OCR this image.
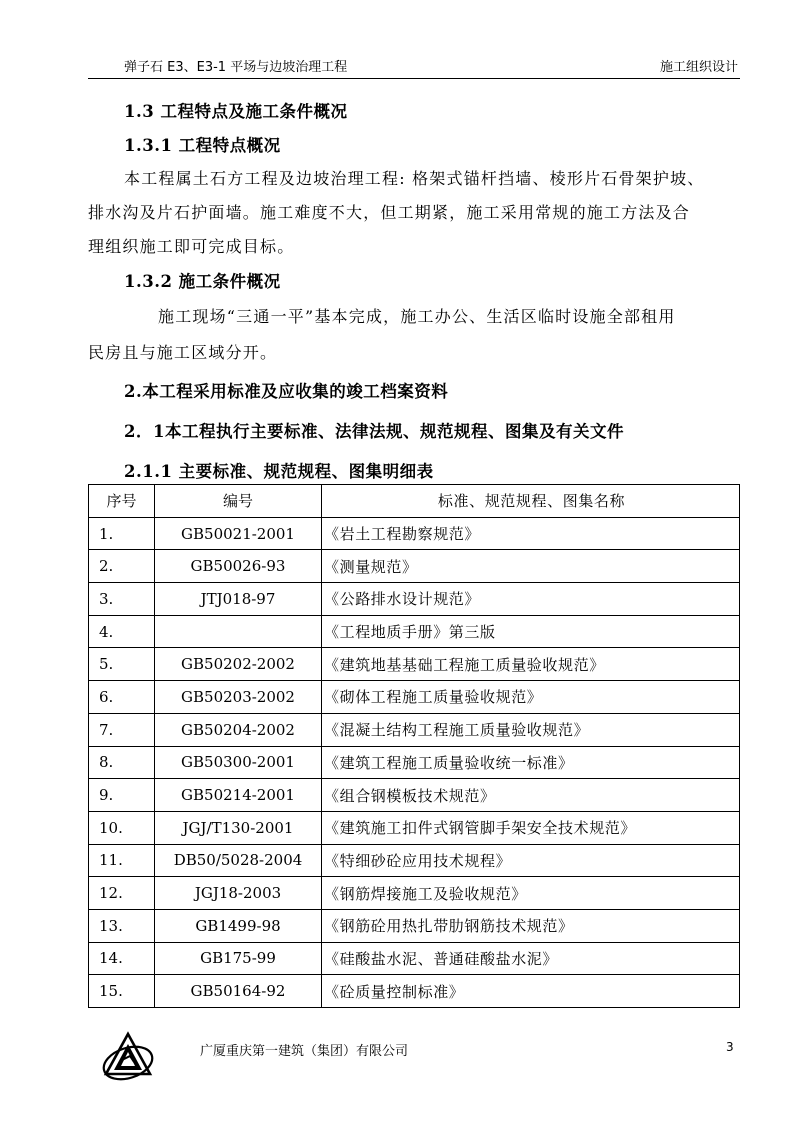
弹子石 E3、E3-1 平场与边坡治理工程	施工组织设计
1.3 工程特点及施工条件概况
1.3.1 工程特点概况
本工程属土石方工程及边坡治理工程: 格架式锚杆挡墙、棱形片石骨架护坡、
排水沟及片石护面墙。施工难度不大，但工期紧，施工采用常规的施工方法及合
理组织施工即可完成目标。
1.3.2 施工条件概况
施工现场“三通一平”基本完成，施工办公、生活区临时设施全部租用
民房且与施工区域分开。
2.本工程采用标准及应收集的竣工档案资料
2．1本工程执行主要标准、法律法规、规范规程、图集及有关文件
2.1.1 主要标准、规范规程、图集明细表
序号	编号	标准、规范规程、图集名称
1.	GB50021-2001	《岩土工程勘察规范》
2.	GB50026-93	《测量规范》
3.	JTJ018-97	《公路排水设计规范》
4.		《工程地质手册》第三版
5.	GB50202-2002	《建筑地基基础工程施工质量验收规范》
6.	GB50203-2002	《砌体工程施工质量验收规范》
7.	GB50204-2002	《混凝土结构工程施工质量验收规范》
8.	GB50300-2001	《建筑工程施工质量验收统一标准》
9.	GB50214-2001	《组合钢模板技术规范》
10.	JGJ/T130-2001	《建筑施工扣件式钢管脚手架安全技术规范》
11.	DB50/5028-2004	《特细砂砼应用技术规程》
12.	JGJ18-2003	《钢筋焊接施工及验收规范》
13.	GB1499-98	《钢筋砼用热扎带肋钢筋技术规范》
14.	GB175-99	《硅酸盐水泥、普通硅酸盐水泥》
15.	GB50164-92	《砼质量控制标准》
广厦重庆第一建筑（集团）有限公司	3
